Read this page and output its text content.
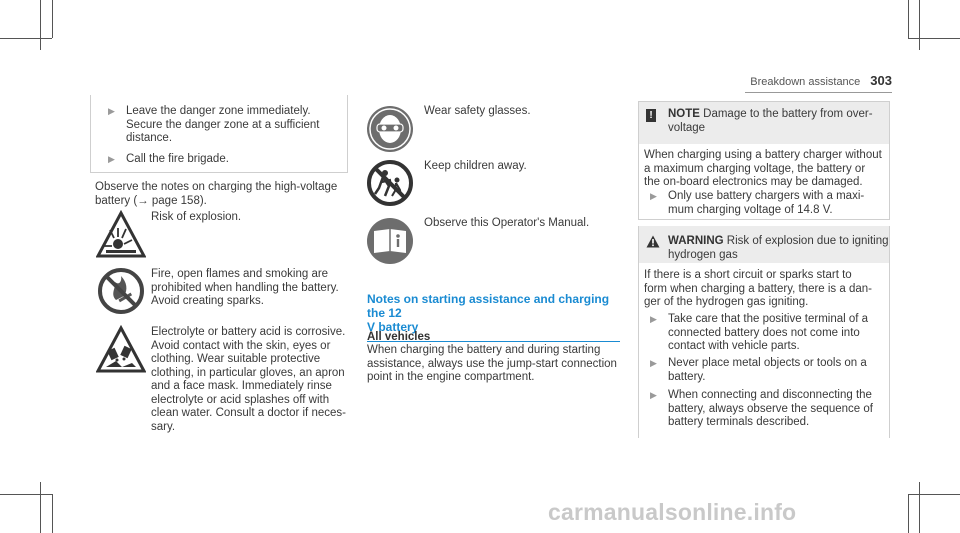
Breakdown assistance 303
▶ Leave the danger zone immediately.
Secure the danger zone at a sufficient
distance.
▶ Call the fire brigade.
Observe the notes on charging the high-voltage
battery (→ page 158).
Risk of explosion.
Fire, open flames and smoking are
prohibited when handling the battery.
Avoid creating sparks.
Electrolyte or battery acid is corrosive.
Avoid contact with the skin, eyes or
clothing. Wear suitable protective
clothing, in particular gloves, an apron
and a face mask. Immediately rinse
electrolyte or acid splashes off with
clean water. Consult a doctor if neces-
sary.
Wear safety glasses.
Keep children away.
Observe this Operator's Manual.
Notes on starting assistance and charging the 12
V battery
All vehicles
When charging the battery and during starting
assistance, always use the jump-start connection
point in the engine compartment.
! NOTE Damage to the battery from over-
voltage
When charging using a battery charger without
a maximum charging voltage, the battery or
the on-board electronics may be damaged.
▶ Only use battery chargers with a maxi-
mum charging voltage of 14.8 V.
WARNING Risk of explosion due to igniting
hydrogen gas
If there is a short circuit or sparks start to
form when charging a battery, there is a dan-
ger of the hydrogen gas igniting.
▶ Take care that the positive terminal of a
connected battery does not come into
contact with vehicle parts.
▶ Never place metal objects or tools on a
battery.
▶ When connecting and disconnecting the
battery, always observe the sequence of
battery terminals described.
carmanualsonline.info
